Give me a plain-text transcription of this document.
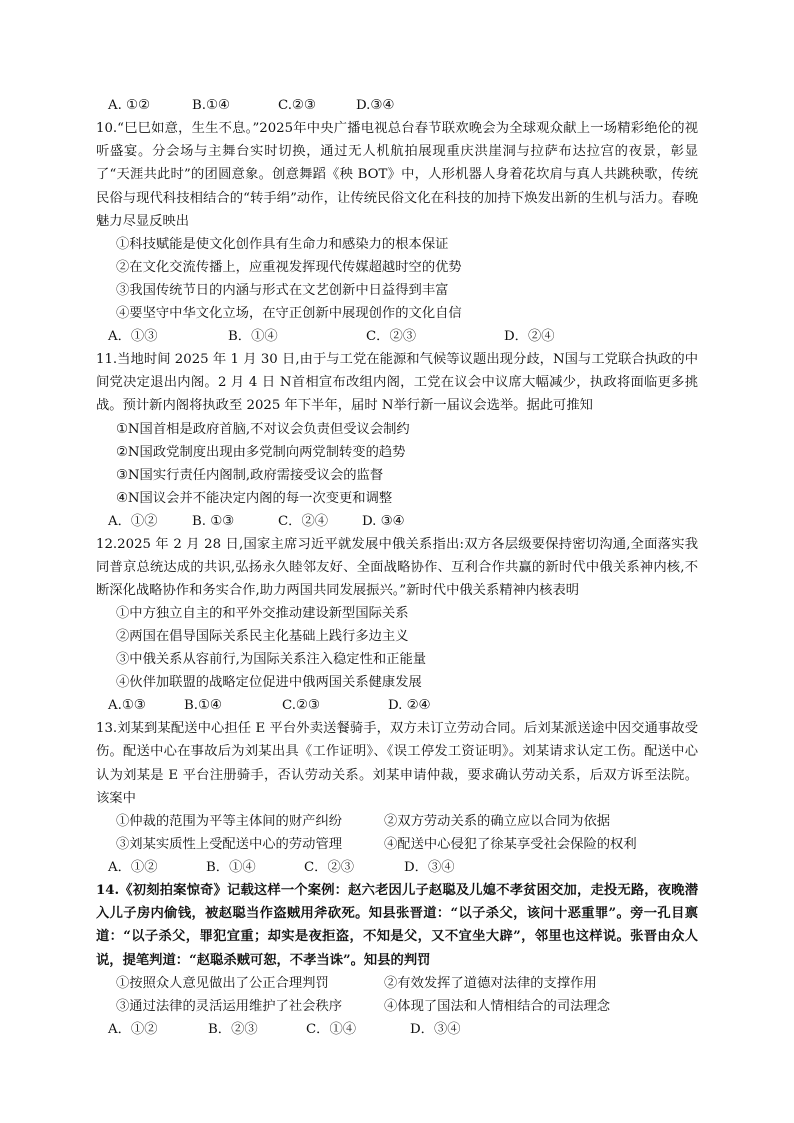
A. ①②	B.①④	C.②③	D.③④
10.“巳巳如意，生生不息。”2025年中央广播电视总台春节联欢晚会为全球观众献上一场精彩绝伦的视听盛宴。分会场与主舞台实时切换，通过无人机航拍展现重庆洪崖洞与拉萨布达拉宫的夜景，彰显了“天涯共此时”的团圆意象。创意舞蹈《秧 BOT》中，人形机器人身着花坎肩与真人共跳秧歌，传统民俗与现代科技相结合的“转手绢”动作，让传统民俗文化在科技的加持下焕发出新的生机与活力。春晚魅力尽显反映出
①科技赋能是使文化创作具有生命力和感染力的根本保证
②在文化交流传播上，应重视发挥现代传媒超越时空的优势
③我国传统节日的内涵与形式在文艺创新中日益得到丰富
④要坚守中华文化立场，在守正创新中展现创作的文化自信
A．①③	B．①④	C．②③	D．②④
11.当地时间 2025 年 1 月 30 日,由于与工党在能源和气候等议题出现分歧，N国与工党联合执政的中间党决定退出内阁。2 月 4 日 N首相宣布改组内阁，工党在议会中议席大幅减少，执政将面临更多挑战。预计新内阁将执政至 2025 年下半年，届时 N举行新一届议会选举。据此可推知
①N国首相是政府首脑,不对议会负责但受议会制约
②N国政党制度出现由多党制向两党制转变的趋势
③N国实行责任内阁制,政府需接受议会的监督
④N国议会并不能决定内阁的每一次变更和调整
A．①②	B. ①③	C．②④	D. ③④
12.2025 年 2 月 28 日,国家主席习近平就发展中俄关系指出:双方各层级要保持密切沟通,全面落实我同普京总统达成的共识,弘扬永久睦邻友好、全面战略协作、互利合作共赢的新时代中俄关系神内核,不断深化战略协作和务实合作,助力两国共同发展振兴。”新时代中俄关系精神内核表明
①中方独立自主的和平外交推动建设新型国际关系
②两国在倡导国际关系民主化基础上践行多边主义
③中俄关系从容前行,为国际关系注入稳定性和正能量
④伙伴加联盟的战略定位促进中俄两国关系健康发展
A.①③	B.①④	C.②③	D. ②④
13.刘某到某配送中心担任 E 平台外卖送餐骑手，双方未订立劳动合同。后刘某派送途中因交通事故受伤。配送中心在事故后为刘某出具《工作证明》、《误工停发工资证明》。刘某请求认定工伤。配送中心认为刘某是 E 平台注册骑手，否认劳动关系。刘某申请仲裁，要求确认劳动关系，后双方诉至法院。该案中
①仲裁的范围为平等主体间的财产纠纷	②双方劳动关系的确立应以合同为依据
③刘某实质性上受配送中心的劳动管理	④配送中心侵犯了徐某享受社会保险的权利
A．①②	B．①④	C．②③	D．③④
14.《初刻拍案惊奇》记载这样一个案例：赵六老因儿子赵聪及儿媳不孝贫困交加，走投无路，夜晚潜入儿子房内偷钱，被赵聪当作盗贼用斧砍死。知县张晋道：“以子杀父，该问十恶重罪”。旁一孔目禀道：“以子杀父，罪犯宜重；却实是夜拒盗，不知是父，又不宜坐大辟”，邻里也这样说。张晋由众人说，提笔判道：“赵聪杀贼可恕，不孝当诛”。知县的判罚
①按照众人意见做出了公正合理判罚	②有效发挥了道德对法律的支撑作用
③通过法律的灵活运用维护了社会秩序	④体现了国法和人情相结合的司法理念
A．①②	B．②③	C．①④	D．③④
